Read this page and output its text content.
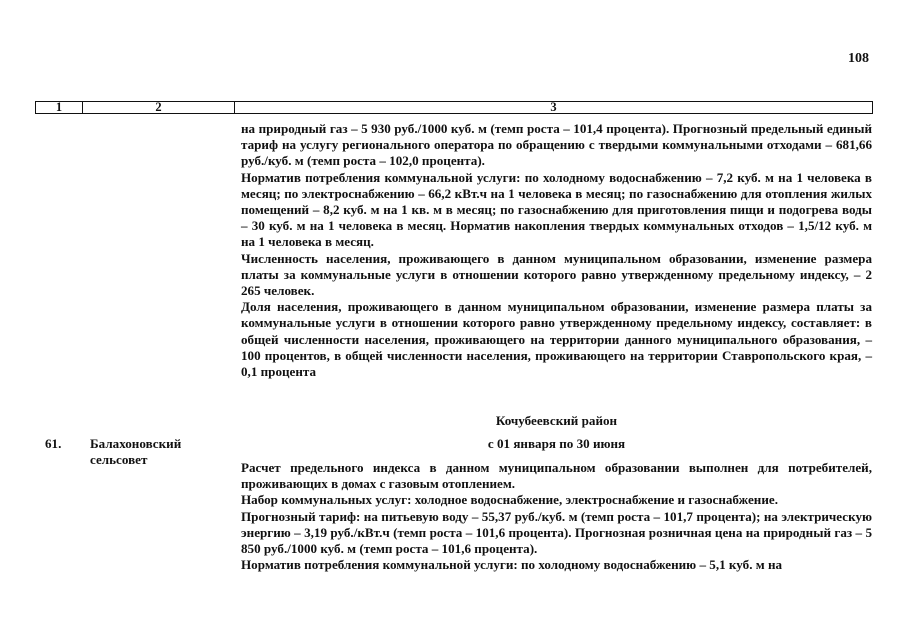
108
1	2	3

на природный газ – 5 930 руб./1000 куб. м (темп роста – 101,4 процента). Прогнозный предельный единый тариф на услугу регионального оператора по обращению с твердыми коммунальными отходами – 681,66 руб./куб. м (темп роста – 102,0 процента).

Норматив потребления коммунальной услуги: по холодному водоснабжению – 7,2 куб. м на 1 человека в месяц; по электроснабжению – 66,2 кВт.ч на 1 человека в месяц; по газоснабжению для отопления жилых помещений – 8,2 куб. м на 1 кв. м в месяц; по газоснабжению для приготовления пищи и подогрева воды – 30 куб. м на 1 человека в месяц. Норматив накопления твердых коммунальных отходов – 1,5/12 куб. м на 1 человека в месяц.

Численность населения, проживающего в данном муниципальном образовании, изменение размера платы за коммунальные услуги в отношении которого равно утвержденному предельному индексу, – 2 265 человек.

Доля населения, проживающего в данном муниципальном образовании, изменение размера платы за коммунальные услуги в отношении которого равно утвержденному предельному индексу, составляет: в общей численности населения, проживающего на территории данного муниципального образования, – 100 процентов, в общей численности населения, проживающего на территории Ставропольского края, – 0,1 процента

Кочубеевский район
61. Балахоновский сельсовет
с 01 января по 30 июня

Расчет предельного индекса в данном муниципальном образовании выполнен для потребителей, проживающих в домах с газовым отоплением.

Набор коммунальных услуг: холодное водоснабжение, электроснабжение и газоснабжение.

Прогнозный тариф: на питьевую воду – 55,37 руб./куб. м (темп роста – 101,7 процента); на электрическую энергию – 3,19 руб./кВт.ч (темп роста – 101,6 процента). Прогнозная розничная цена на природный газ – 5 850 руб./1000 куб. м (темп роста – 101,6 процента).

Норматив потребления коммунальной услуги: по холодному водоснабжению – 5,1 куб. м на
